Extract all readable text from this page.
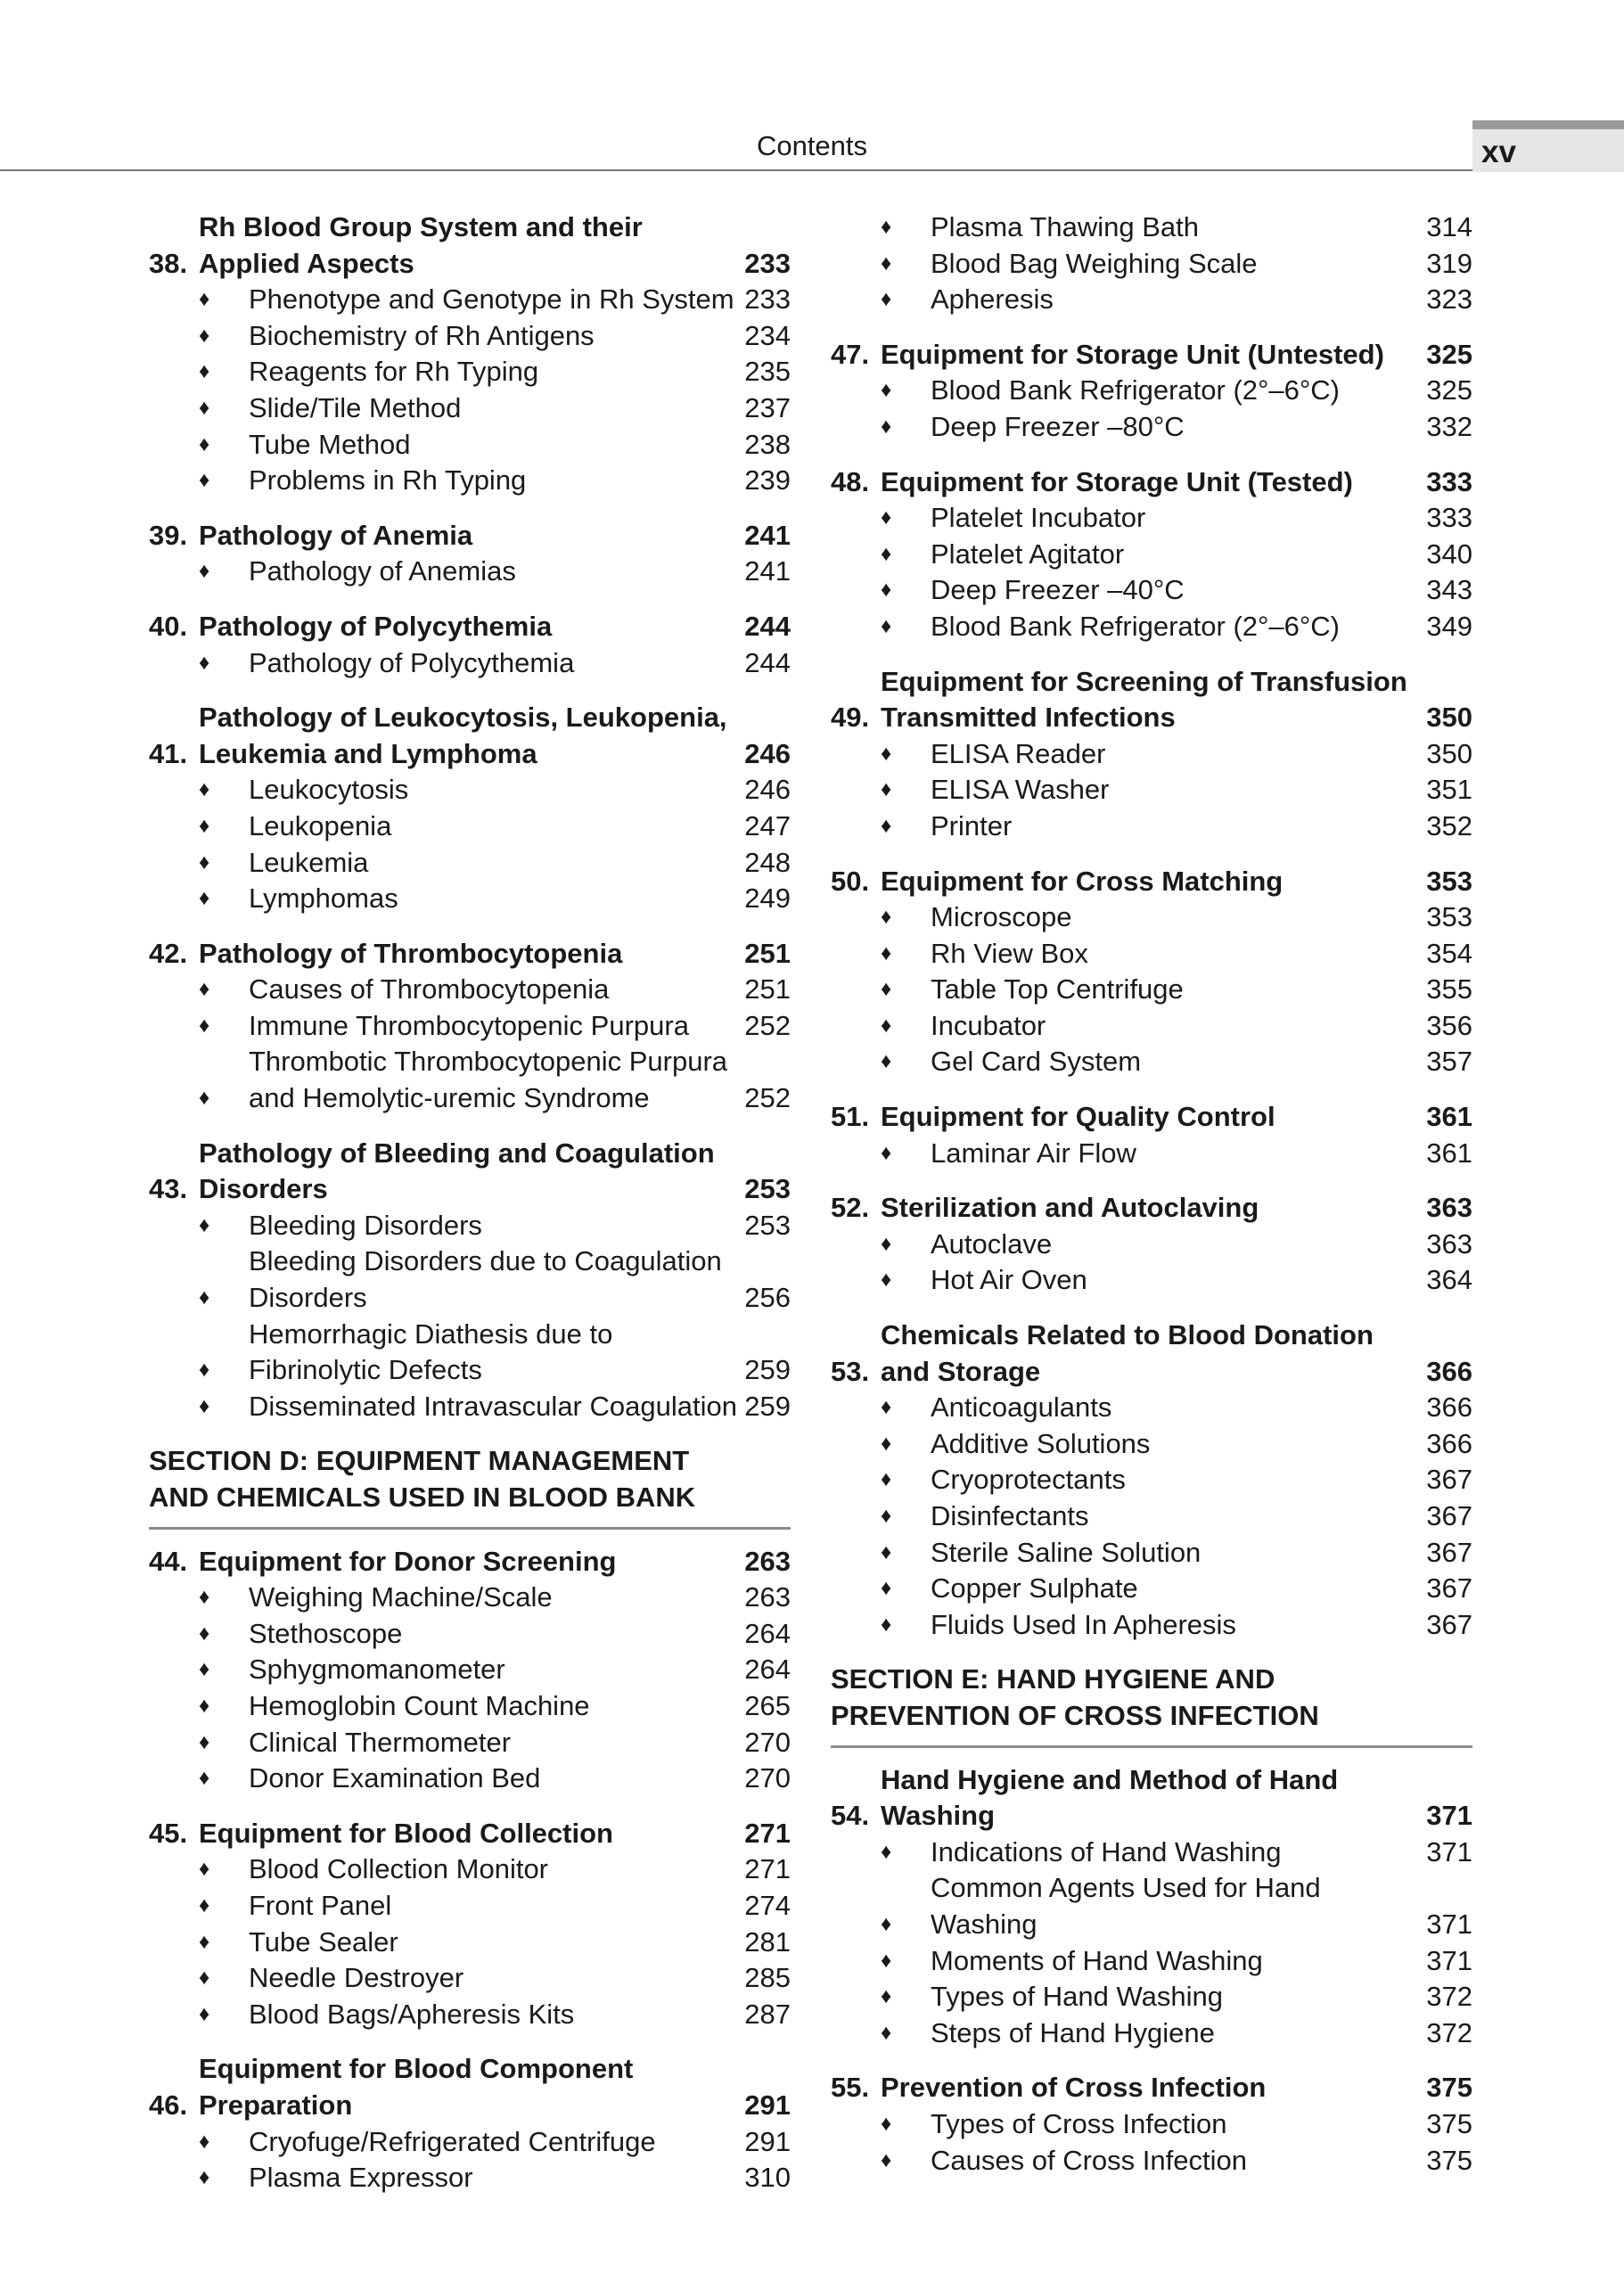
Contents	xv
38.
Rh Blood Group System and their Applied Aspects	233
♦	Phenotype and Genotype in Rh System 233
♦	Biochemistry of Rh Antigens	234
♦	Reagents for Rh Typing	235
♦	Slide/Tile Method	237
♦	Tube Method	238
♦	Problems in Rh Typing	239
39. Pathology of Anemia	241
♦	Pathology of Anemias	241
40. Pathology of Polycythemia	244
♦	Pathology of Polycythemia	244
41.
Pathology of Leukocytosis, Leukopenia, Leukemia and Lymphoma	246
♦	Leukocytosis	246
♦	Leukopenia	247
♦	Leukemia	248
♦	Lymphomas	249
42. Pathology of Thrombocytopenia	251
♦	Causes of Thrombocytopenia	251
♦	Immune Thrombocytopenic Purpura	252
♦
Thrombotic Thrombocytopenic Purpura and Hemolytic-uremic Syndrome	252
43.
Pathology of Bleeding and Coagulation Disorders	253
♦	Bleeding Disorders	253
♦
Bleeding Disorders due to Coagulation Disorders	256
♦
Hemorrhagic Diathesis due to Fibrinolytic Defects	259
♦	Disseminated Intravascular Coagulation 259
SECTION D: EQUIPMENT MANAGEMENT
AND CHEMICALS USED IN BLOOD BANK
44. Equipment for Donor Screening	263
♦	Weighing Machine/Scale	263
♦	Stethoscope	264
♦	Sphygmomanometer	264
♦	Hemoglobin Count Machine	265
♦	Clinical Thermometer	270
♦	Donor Examination Bed	270
45. Equipment for Blood Collection	271
♦	Blood Collection Monitor	271
♦	Front Panel	274
♦	Tube Sealer	281
♦	Needle Destroyer	285
♦	Blood Bags/Apheresis Kits	287
46.
Equipment for Blood Component Preparation	291
♦	Cryofuge/Refrigerated Centrifuge	291
♦	Plasma Expressor	310
♦	Plasma Thawing Bath	314
♦	Blood Bag Weighing Scale	319
♦	Apheresis	323
47. Equipment for Storage Unit (Untested)	325
♦	Blood Bank Refrigerator (2°–6°C)	325
♦	Deep Freezer –80°C	332
48. Equipment for Storage Unit (Tested)	333
♦	Platelet Incubator	333
♦	Platelet Agitator	340
♦	Deep Freezer –40°C	343
♦	Blood Bank Refrigerator (2°–6°C)	349
49.
Equipment for Screening of Transfusion Transmitted Infections	350
♦	ELISA Reader	350
♦	ELISA Washer	351
♦	Printer	352
50. Equipment for Cross Matching	353
♦	Microscope	353
♦	Rh View Box	354
♦	Table Top Centrifuge	355
♦	Incubator	356
♦	Gel Card System	357
51. Equipment for Quality Control	361
♦	Laminar Air Flow	361
52. Sterilization and Autoclaving	363
♦	Autoclave	363
♦	Hot Air Oven	364
53.
Chemicals Related to Blood Donation and Storage	366
♦	Anticoagulants	366
♦	Additive Solutions	366
♦	Cryoprotectants	367
♦	Disinfectants	367
♦	Sterile Saline Solution	367
♦	Copper Sulphate	367
♦	Fluids Used In Apheresis	367
SECTION E: HAND HYGIENE AND
PREVENTION OF CROSS INFECTION
54.
Hand Hygiene and Method of Hand Washing	371
♦	Indications of Hand Washing	371
♦
Common Agents Used for Hand Washing	371
♦	Moments of Hand Washing	371
♦	Types of Hand Washing	372
♦	Steps of Hand Hygiene	372
55. Prevention of Cross Infection	375
♦	Types of Cross Infection	375
♦	Causes of Cross Infection	375
